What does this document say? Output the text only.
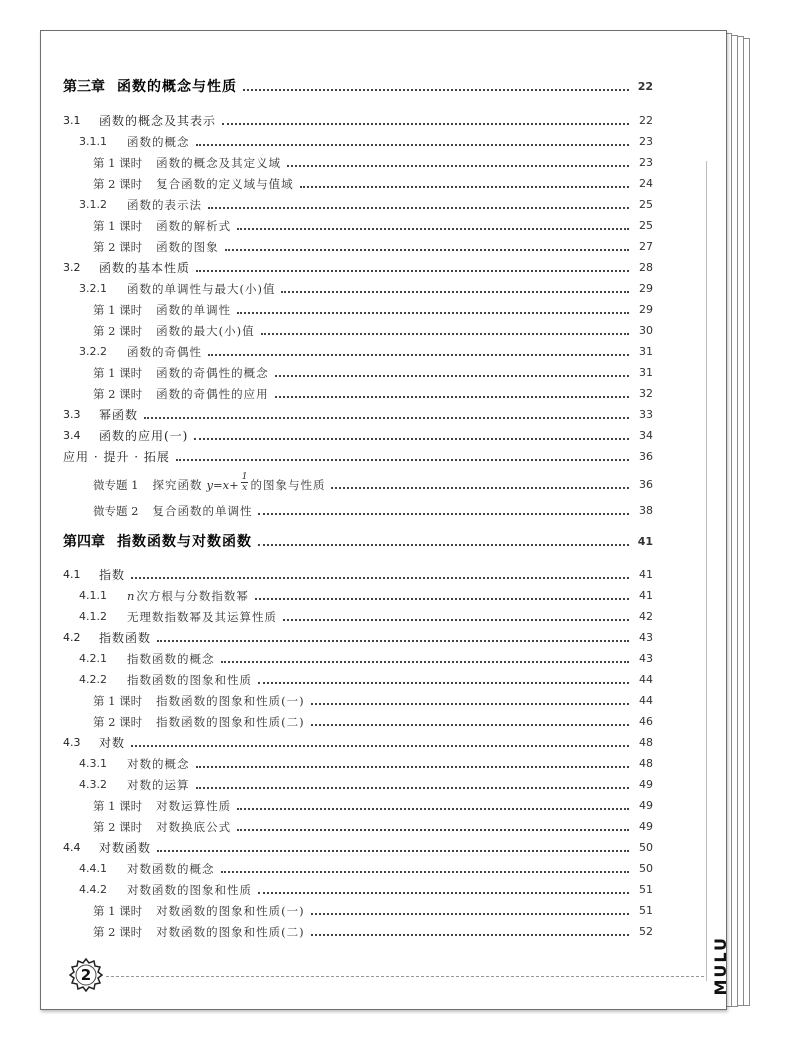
第三章 函数的概念与性质	22
3.1	函数的概念及其表示	22
3.1.1	函数的概念	23
第 1 课时 函数的概念及其定义域	23
第 2 课时 复合函数的定义域与值域	24
3.1.2	函数的表示法	25
第 1 课时 函数的解析式	25
第 2 课时 函数的图象	27
3.2	函数的基本性质	28
3.2.1	函数的单调性与最大(小)值	29
第 1 课时 函数的单调性	29
第 2 课时 函数的最大(小)值	30
3.2.2	函数的奇偶性	31
第 1 课时 函数的奇偶性的概念	31
第 2 课时 函数的奇偶性的应用	32
3.3	幂函数	33
3.4	函数的应用(一)	34
应用 · 提升 · 拓展	36
微专题 1 探究函数 $y=x+ \frac{1}{x}$ 的图象与性质	36
微专题 2 复合函数的单调性	38
第四章 指数函数与对数函数	41
4.1	指数	41
4.1.1	n 次方根与分数指数幂	41
4.1.2	无理数指数幂及其运算性质	42
4.2	指数函数	43
4.2.1	指数函数的概念	43
4.2.2	指数函数的图象和性质	44
第 1 课时 指数函数的图象和性质(一)	44
第 2 课时 指数函数的图象和性质(二)	46
4.3	对数	48
4.3.1	对数的概念	48
4.3.2	对数的运算	49
第 1 课时 对数运算性质	49
第 2 课时 对数换底公式	49
4.4	对数函数	50
4.4.1	对数函数的概念	50
4.4.2	对数函数的图象和性质	51
第 1 课时 对数函数的图象和性质(一)	51
第 2 课时 对数函数的图象和性质(二)	52
MULU
2
